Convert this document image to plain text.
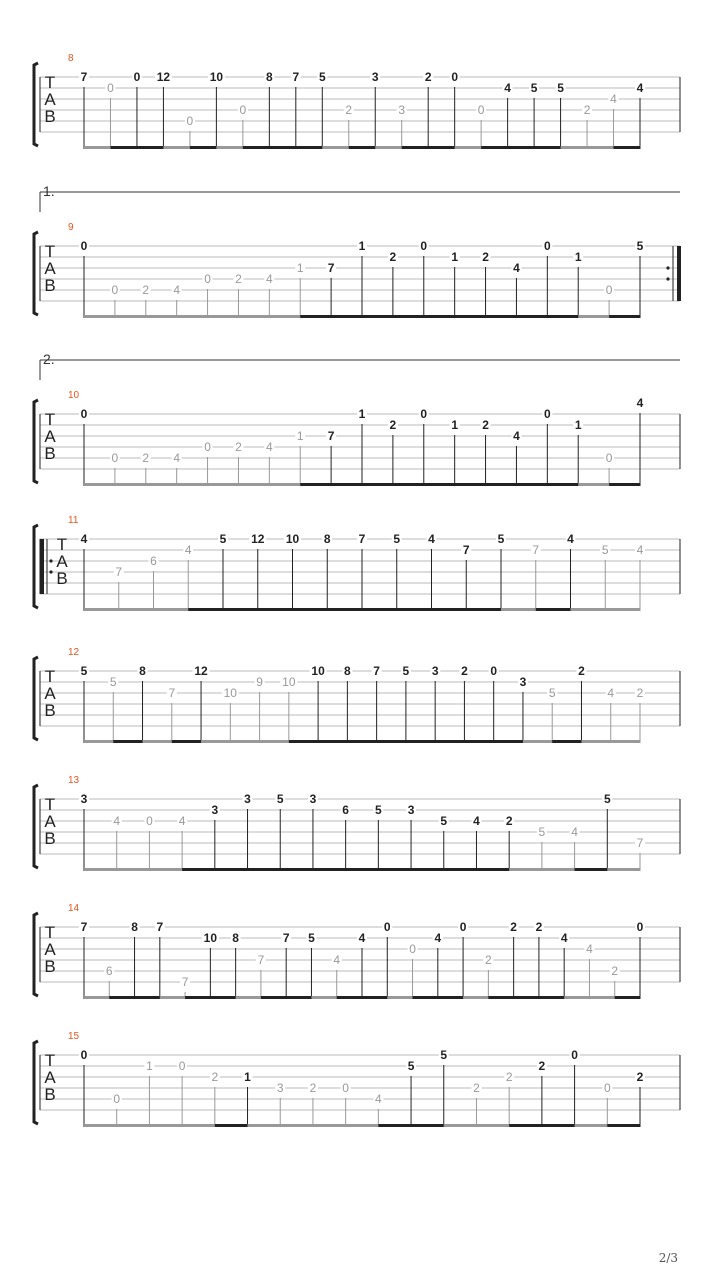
T
A
B
8
7
0
0 12
0
10
0
8 7 5
2
3
3
2 0
0
4 5 5
2
4
4
1.
T
A
B
9
0
0 2 4
0 2 4
1 7
1
2
0
1 2
4
0
1
0
5
2.
T
A
B
10
0
0 2 4
0 2 4
1 7
1
2
0
1 2
4
0
1
0
4
T
A
B
11
4
7
6
4
5 12 10 8 7 5 4
7
5
7
4
5 4
T
A
B
12
5
5
8
7
12
10
9 10
10 8 7 5 3 2 0
3
5
2
4 2
T
A
B
13
3
4 0 4
3
3 5 3
6 5 3
5 4 2
5 4
5
7
T
A
B
14
7
6
8 7
7
10 8
7
7 5
4
4
0
0
4
0
2
2 2
4
4
2
0
T
A
B
15
0
0
1 0
2 1
3 2 0
4
5
5
2
2
2
0
0
2
2/3
